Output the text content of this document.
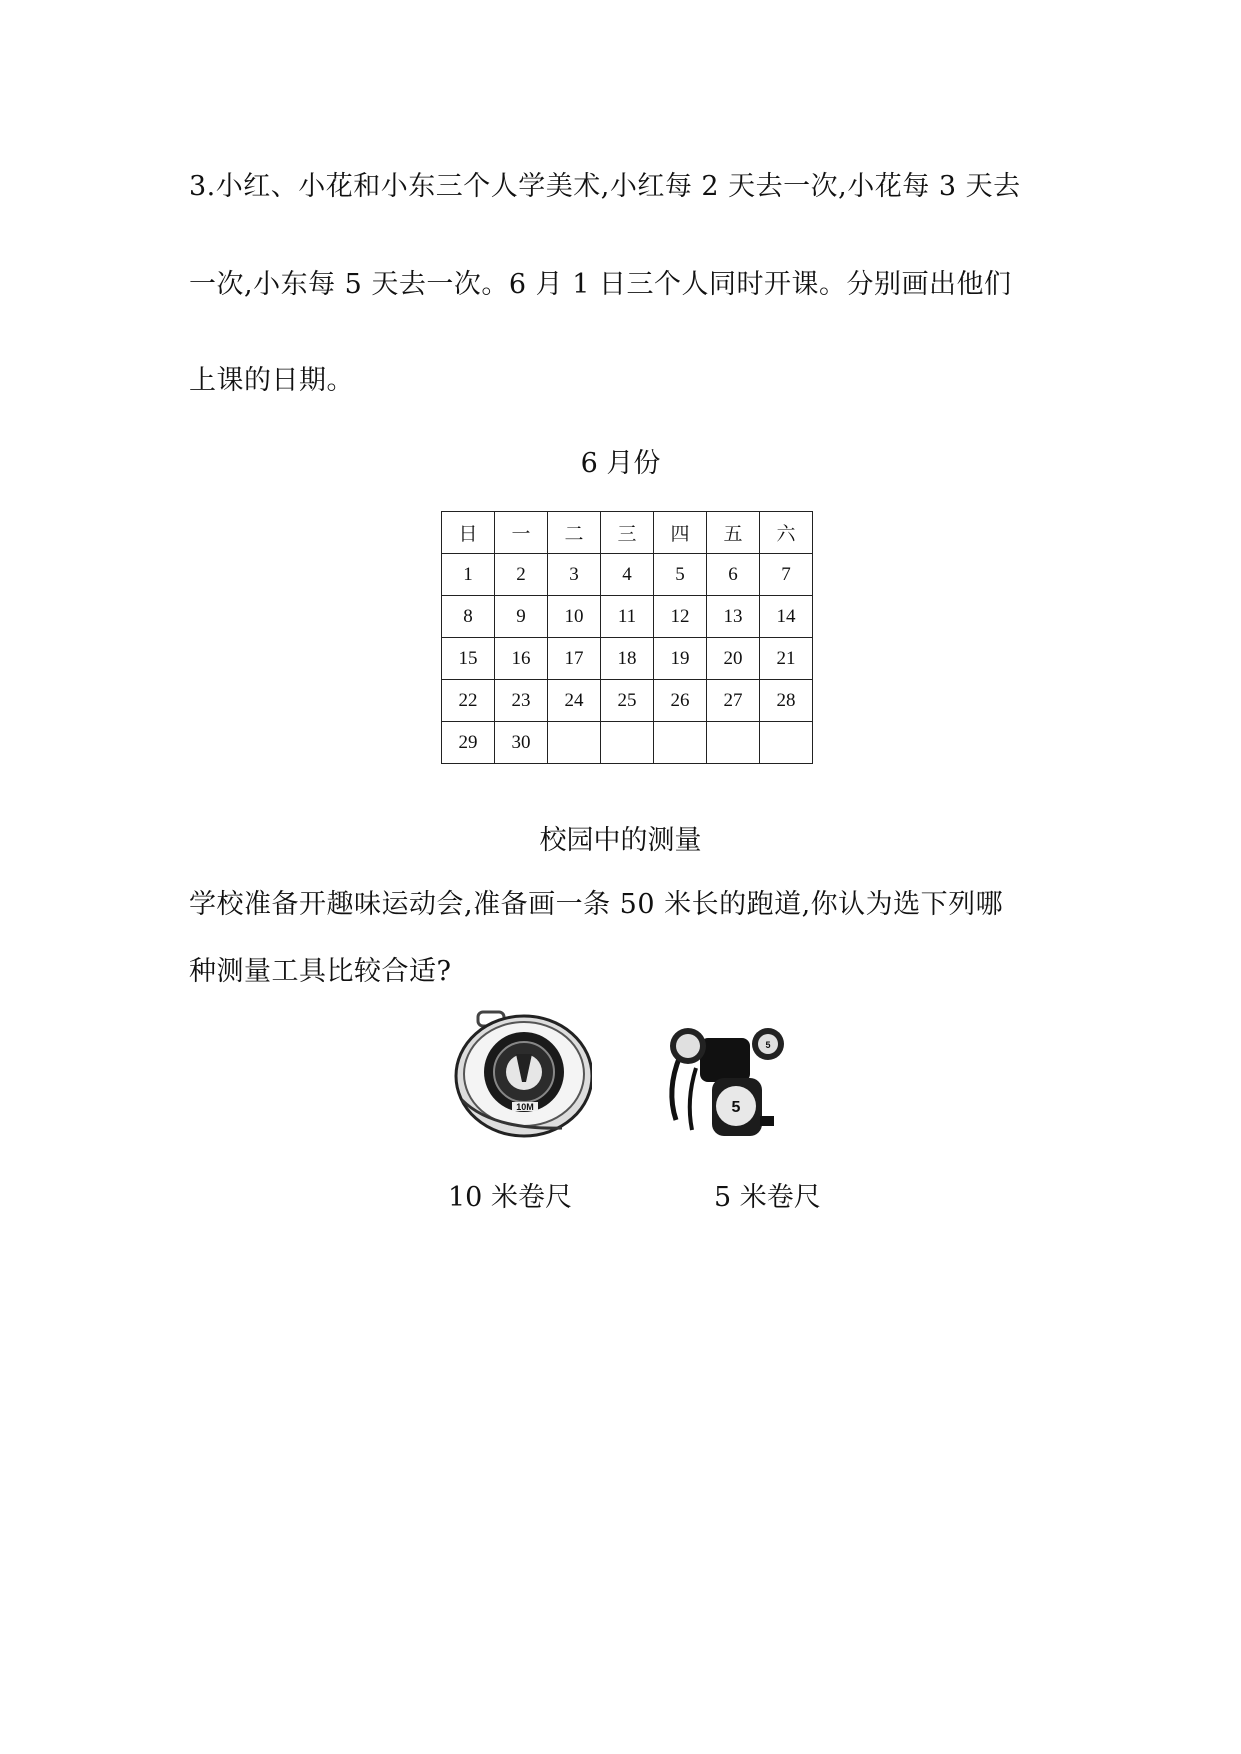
3.小红、小花和小东三个人学美术,小红每 2 天去一次,小花每 3 天去
一次,小东每 5 天去一次。6 月 1 日三个人同时开课。分别画出他们
上课的日期。
6 月份
日	一	二	三	四	五	六
1	2	3	4	5	6	7
8	9	10	11	12	13	14
15	16	17	18	19	20	21
22	23	24	25	26	27	28
29	30					
校园中的测量
学校准备开趣味运动会,准备画一条 50 米长的跑道,你认为选下列哪
种测量工具比较合适?
10M
5
5
10 米卷尺	5 米卷尺
